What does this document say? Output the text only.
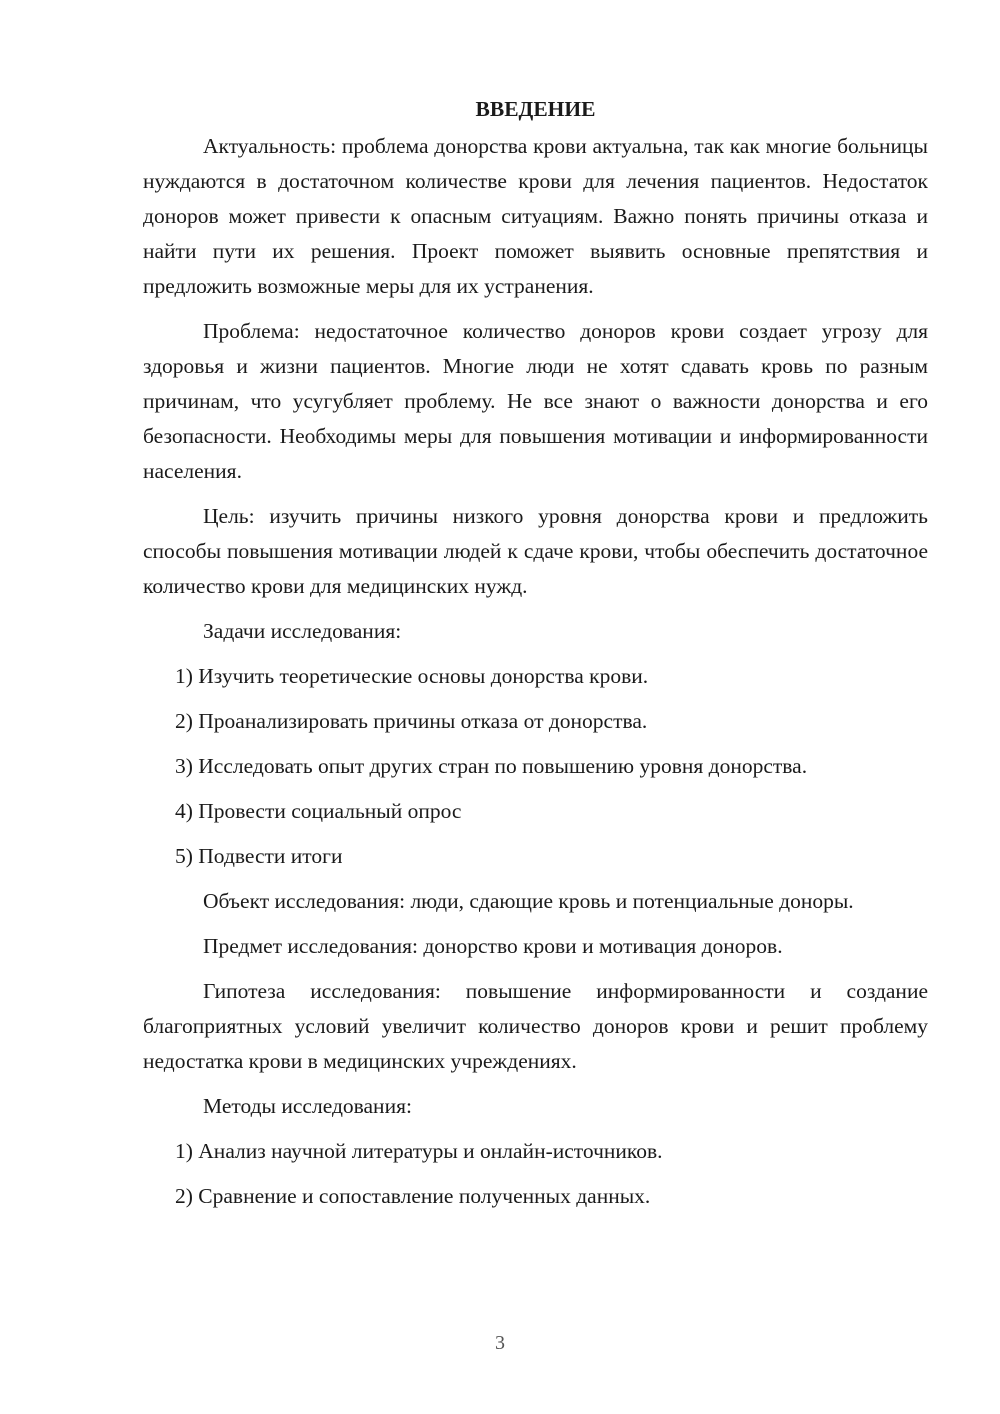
ВВЕДЕНИЕ

Актуальность: проблема донорства крови актуальна, так как многие больницы нуждаются в достаточном количестве крови для лечения пациентов. Недостаток доноров может привести к опасным ситуациям. Важно понять причины отказа и найти пути их решения. Проект поможет выявить основные препятствия и предложить возможные меры для их устранения.

Проблема: недостаточное количество доноров крови создает угрозу для здоровья и жизни пациентов. Многие люди не хотят сдавать кровь по разным причинам, что усугубляет проблему. Не все знают о важности донорства и его безопасности. Необходимы меры для повышения мотивации и информированности населения.

Цель: изучить причины низкого уровня донорства крови и предложить способы повышения мотивации людей к сдаче крови, чтобы обеспечить достаточное количество крови для медицинских нужд.

Задачи исследования:

1) Изучить теоретические основы донорства крови.

2) Проанализировать причины отказа от донорства.

3) Исследовать опыт других стран по повышению уровня донорства.

4) Провести социальный опрос

5) Подвести итоги

Объект исследования: люди, сдающие кровь и потенциальные доноры.

Предмет исследования: донорство крови и мотивация доноров.

Гипотеза исследования: повышение информированности и создание благоприятных условий увеличит количество доноров крови и решит проблему недостатка крови в медицинских учреждениях.

Методы исследования:

1) Анализ научной литературы и онлайн-источников.

2) Сравнение и сопоставление полученных данных.

3
